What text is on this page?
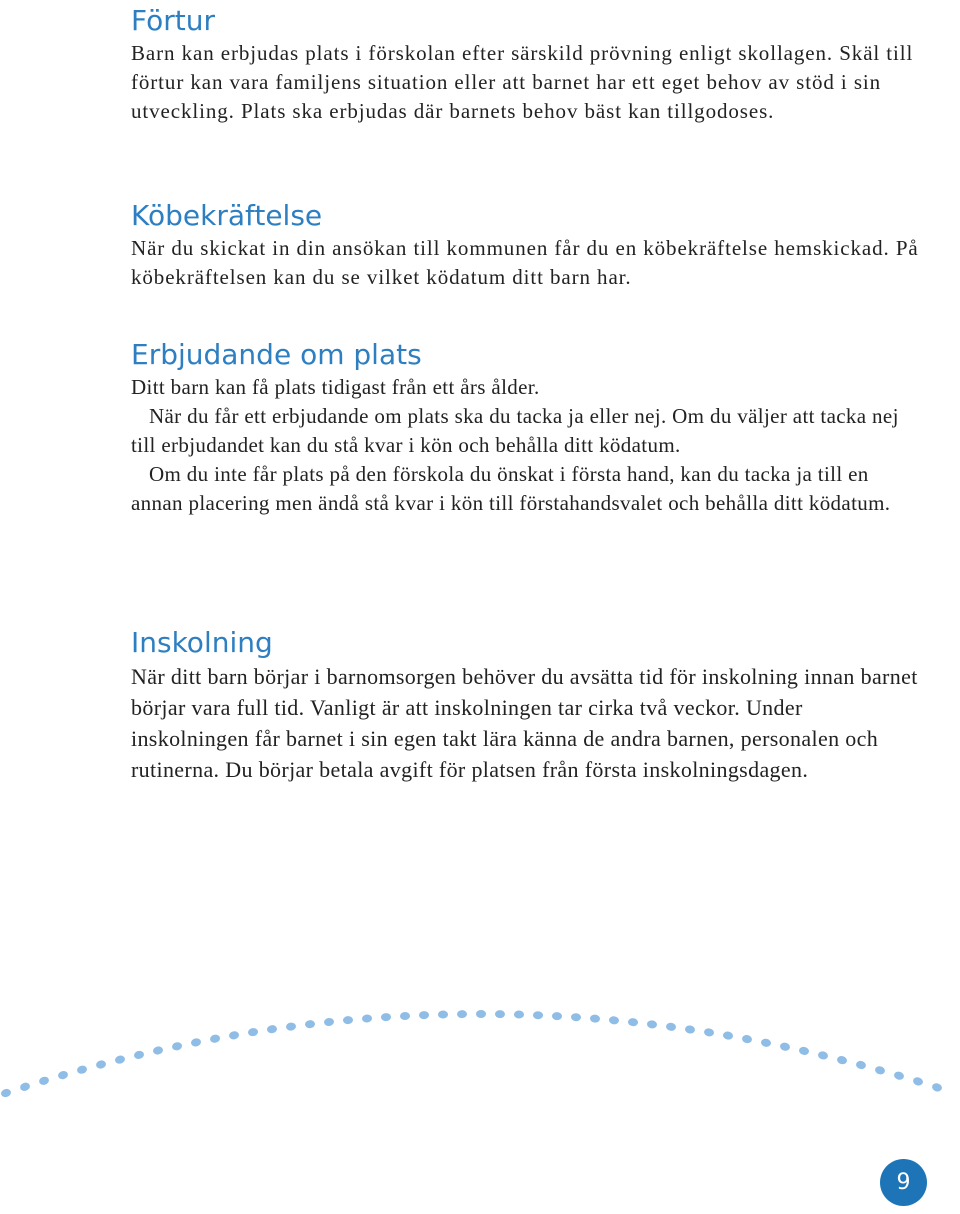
Förtur

Barn kan erbjudas plats i förskolan efter särskild prövning enligt skollagen. Skäl till förtur kan vara familjens situation eller att barnet har ett eget behov av stöd i sin utveckling. Plats ska erbjudas där barnets behov bäst kan tillgodoses.

Köbekräftelse

När du skickat in din ansökan till kommunen får du en köbekräftelse hemskickad. På köbekräftelsen kan du se vilket ködatum ditt barn har.

Erbjudande om plats

Ditt barn kan få plats tidigast från ett års ålder.

När du får ett erbjudande om plats ska du tacka ja eller nej. Om du väljer att tacka nej till erbjudandet kan du stå kvar i kön och behålla ditt ködatum.

Om du inte får plats på den förskola du önskat i första hand, kan du tacka ja till en annan placering men ändå stå kvar i kön till förstahandsvalet och behålla ditt ködatum.

Inskolning

När ditt barn börjar i barnomsorgen behöver du avsätta tid för inskolning innan barnet börjar vara full tid. Vanligt är att inskolningen tar cirka två veckor. Under inskolningen får barnet i sin egen takt lära känna de andra barnen, personalen och rutinerna. Du börjar betala avgift för platsen från första inskolningsdagen.

9
